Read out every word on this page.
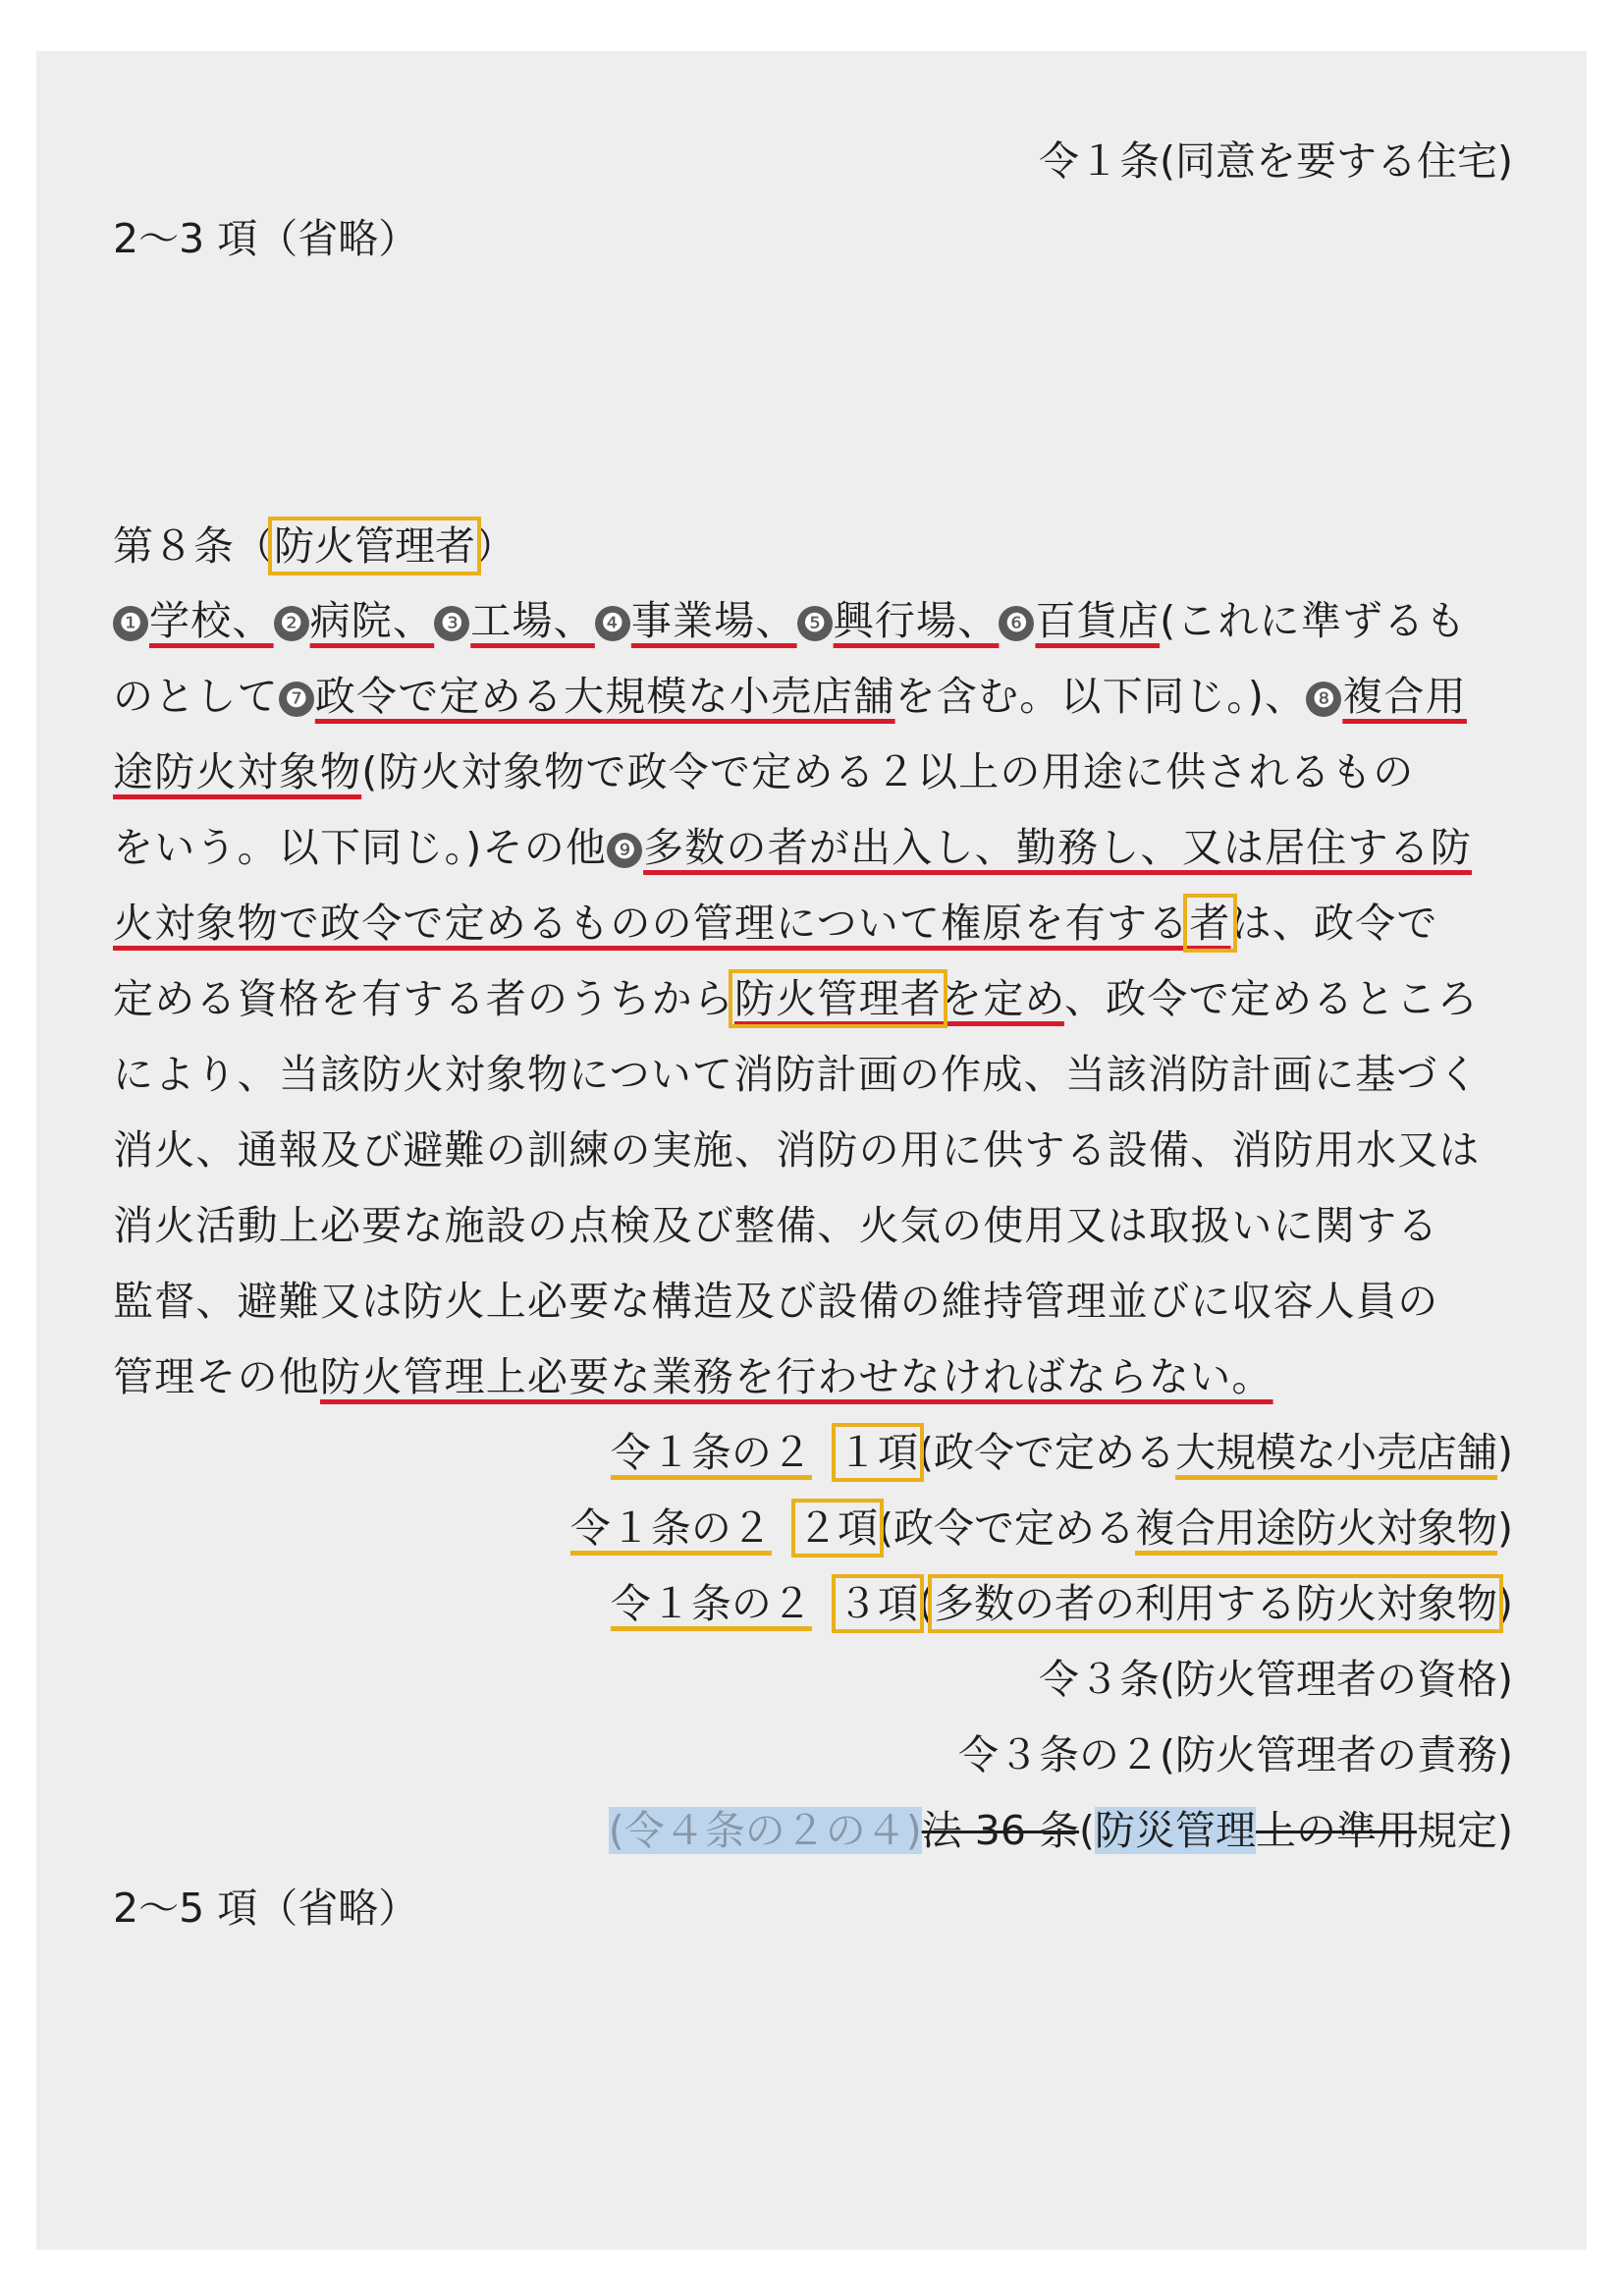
令１条(同意を要する住宅)
2～3 項（省略）
第８条（防火管理者）
❶ 学校、 ❷ 病院、 ❸ 工場、 ❹ 事業場、 ❺ 興行場、 ❻ 百貨店(これに準ずるも
のとして ❼ 政令で定める大規模な小売店舗を含む。以下同じ。)、 ❽ 複合用
途防火対象物(防火対象物で政令で定める２以上の用途に供されるもの
をいう。以下同じ。)その他 ❾ 多数の者が出入し、勤務し、又は居住する防
火対象物で政令で定めるものの管理について権原を有する者は、政令で
定める資格を有する者のうちから防火管理者を定め、政令で定めるところ
により、当該防火対象物について消防計画の作成、当該消防計画に基づく
消火、通報及び避難の訓練の実施、消防の用に供する設備、消防用水又は
消火活動上必要な施設の点検及び整備、火気の使用又は取扱いに関する
監督、避難又は防火上必要な構造及び設備の維持管理並びに収容人員の
管理その他防火管理上必要な業務を行わせなければならない。
令１条の２ １項(政令で定める大規模な小売店舗)
令１条の２ ２項(政令で定める複合用途防火対象物)
令１条の２ ３項(多数の者の利用する防火対象物)
令３条(防火管理者の資格)
令３条の２(防火管理者の責務)
(令４条の２の４)法 36 条(防災管理上の準用規定)
2～5 項（省略）
